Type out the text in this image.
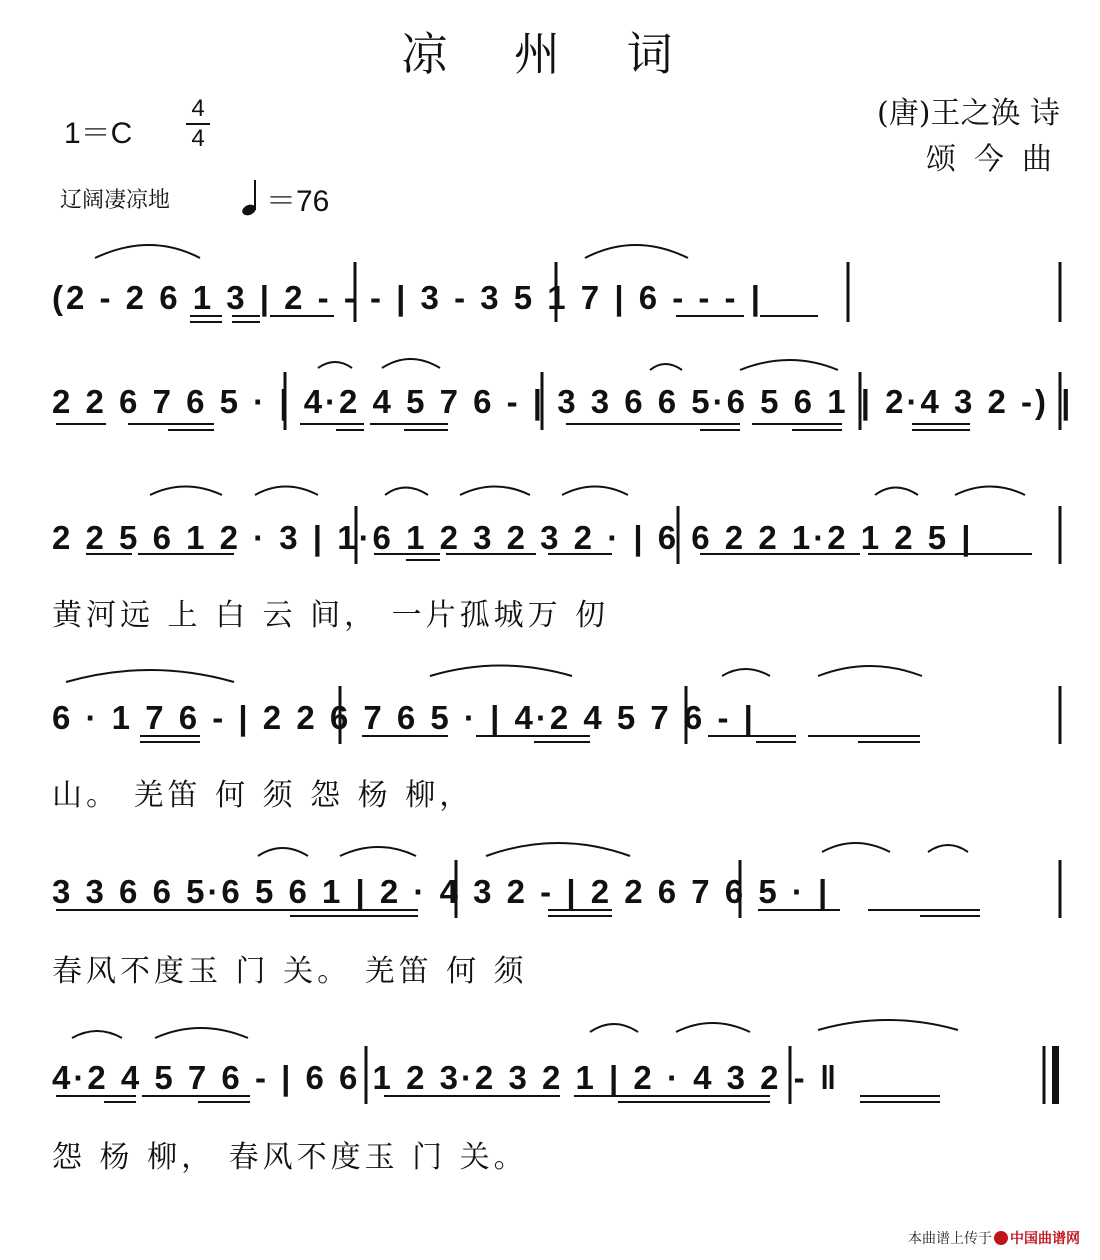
凉 州 词
1＝C
4
4
辽阔凄凉地	＝76
(唐)王之涣 诗
颂今曲
(2 - 2 6 1 3 | 2 - - - | 3 - 3 5 1 7 | 6 - - - |
2 2 6 7 6 5 · | 4·2 4 5 7 6 - | 3 3 6 6 5·6 5 6 1 | 2·4 3 2 -) |
2 2 5 6 1 2 · 3 | 1·6 1 2 3 2 3 2 · | 6 6 2 2 1·2 1 2 5 |
黄河远 上 白 云 间， 一片孤城万 仞
6 · 1 7 6 - | 2 2 6 7 6 5 · | 4·2 4 5 7 6 - |
山。 羌笛 何 须 怨 杨 柳，
3 3 6 6 5·6 5 6 1 | 2 · 4 3 2 - | 2 2 6 7 6 5 · |
春风不度玉 门 关。 羌笛 何 须
4·2 4 5 7 6 - | 6 6 1 2 3·2 3 2 1 | 2 · 4 3 2 - ‖
怨 杨 柳， 春风不度玉 门 关。
本曲谱上传于 中国曲谱网
